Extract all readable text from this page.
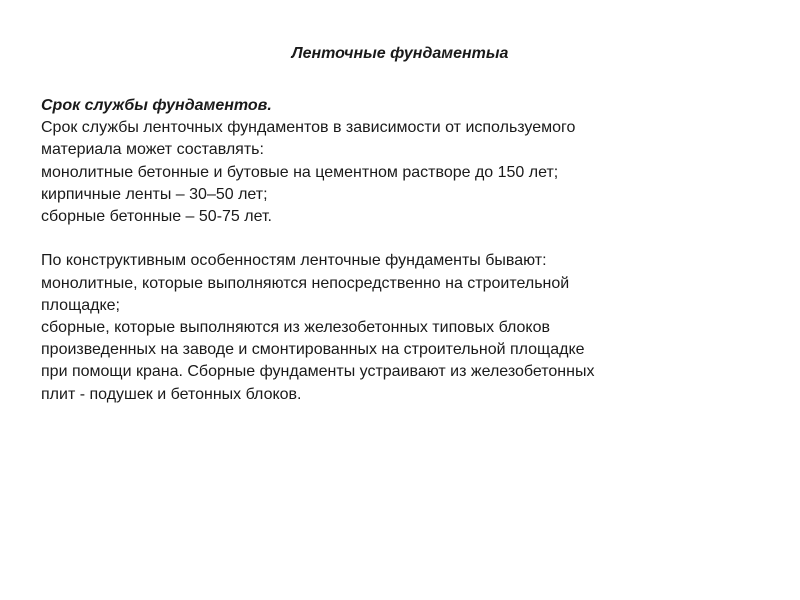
Ленточные фундаментыа
Срок службы фундаментов.
Срок службы ленточных фундаментов в зависимости от используемого
материала может составлять:
монолитные бетонные и бутовые на цементном растворе до 150 лет;
кирпичные ленты – 30–50 лет;
сборные бетонные – 50-75 лет.
По конструктивным особенностям ленточные фундаменты бывают:
монолитные, которые выполняются непосредственно на строительной
площадке;
сборные, которые выполняются из железобетонных типовых блоков
произведенных на заводе и смонтированных на строительной площадке
при помощи крана. Сборные фундаменты устраивают из железобетонных
плит - подушек и бетонных блоков.
